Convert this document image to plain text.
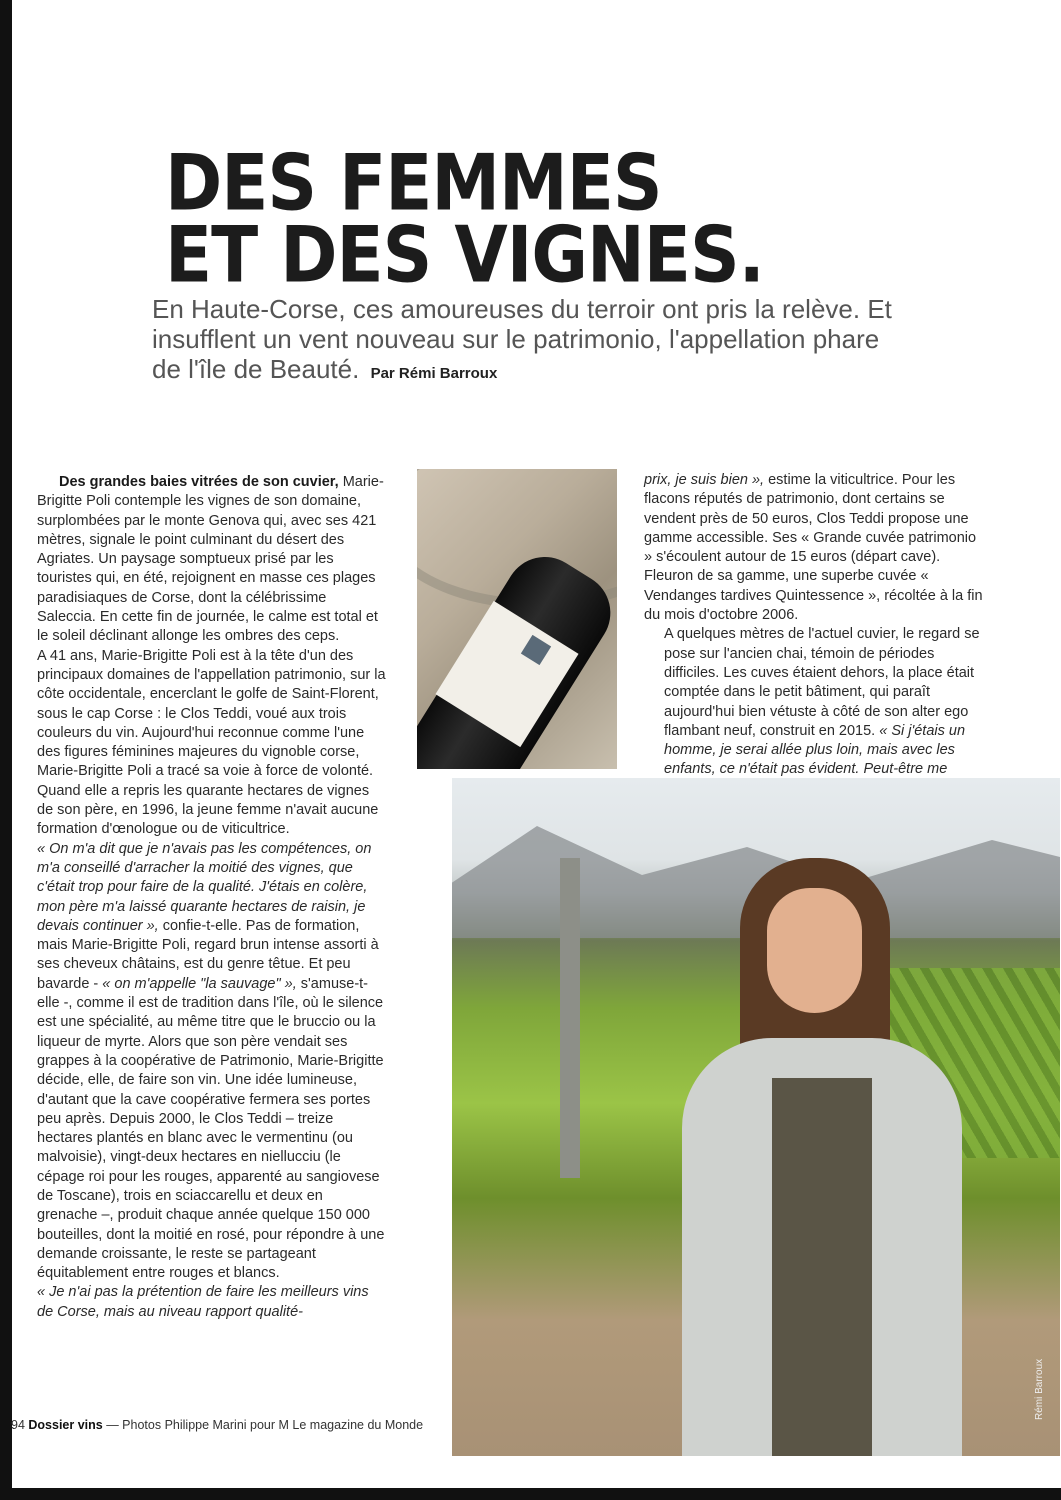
DES FEMMES
ET DES VIGNES.
En Haute-Corse, ces amoureuses du terroir ont pris la relève. Et insufflent un vent nouveau sur le patrimonio, l'appellation phare de l'île de Beauté. Par Rémi Barroux

Des grandes baies vitrées de son cuvier, Marie-Brigitte Poli contemple les vignes de son domaine, surplombées par le monte Genova qui, avec ses 421 mètres, signale le point culminant du désert des Agriates. Un paysage somptueux prisé par les touristes qui, en été, rejoignent en masse ces plages paradisiaques de Corse, dont la célébrissime Saleccia. En cette fin de journée, le calme est total et le soleil déclinant allonge les ombres des ceps.

A 41 ans, Marie-Brigitte Poli est à la tête d'un des principaux domaines de l'appellation patrimonio, sur la côte occidentale, encerclant le golfe de Saint-Florent, sous le cap Corse : le Clos Teddi, voué aux trois couleurs du vin. Aujourd'hui reconnue comme l'une des figures féminines majeures du vignoble corse, Marie-Brigitte Poli a tracé sa voie à force de volonté. Quand elle a repris les quarante hectares de vignes de son père, en 1996, la jeune femme n'avait aucune formation d'œnologue ou de viticultrice.

« On m'a dit que je n'avais pas les compétences, on m'a conseillé d'arracher la moitié des vignes, que c'était trop pour faire de la qualité. J'étais en colère, mon père m'a laissé quarante hectares de raisin, je devais continuer », confie-t-elle. Pas de formation, mais Marie-Brigitte Poli, regard brun intense assorti à ses cheveux châtains, est du genre têtue. Et peu bavarde - « on m'appelle "la sauvage" », s'amuse-t-elle -, comme il est de tradition dans l'île, où le silence est une spécialité, au même titre que le bruccio ou la liqueur de myrte. Alors que son père vendait ses grappes à la coopérative de Patrimonio, Marie-Brigitte décide, elle, de faire son vin. Une idée lumineuse, d'autant que la cave coopérative fermera ses portes peu après. Depuis 2000, le Clos Teddi – treize hectares plantés en blanc avec le vermentinu (ou malvoisie), vingt-deux hectares en niellucciu (le cépage roi pour les rouges, apparenté au sangiovese de Toscane), trois en sciaccarellu et deux en grenache –, produit chaque année quelque 150 000 bouteilles, dont la moitié en rosé, pour répondre à une demande croissante, le reste se partageant équitablement entre rouges et blancs.

« Je n'ai pas la prétention de faire les meilleurs vins de Corse, mais au niveau rapport qualité-

prix, je suis bien », estime la viticultrice. Pour les flacons réputés de patrimonio, dont certains se vendent près de 50 euros, Clos Teddi propose une gamme accessible. Ses « Grande cuvée patrimonio » s'écoulent autour de 15 euros (départ cave). Fleuron de sa gamme, une superbe cuvée « Vendanges tardives Quintessence », récoltée à la fin du mois d'octobre 2006.

A quelques mètres de l'actuel cuvier, le regard se pose sur l'ancien chai, témoin de périodes difficiles. Les cuves étaient dehors, la place était comptée dans le petit bâtiment, qui paraît aujourd'hui bien vétuste à côté de son alter ego flambant neuf, construit en 2015. « Si j'étais un homme, je serai allée plus loin, mais avec les enfants, ce n'était pas évident. Peut-être me

Rémi Barroux
94 Dossier vins — Photos Philippe Marini pour M Le magazine du Monde
